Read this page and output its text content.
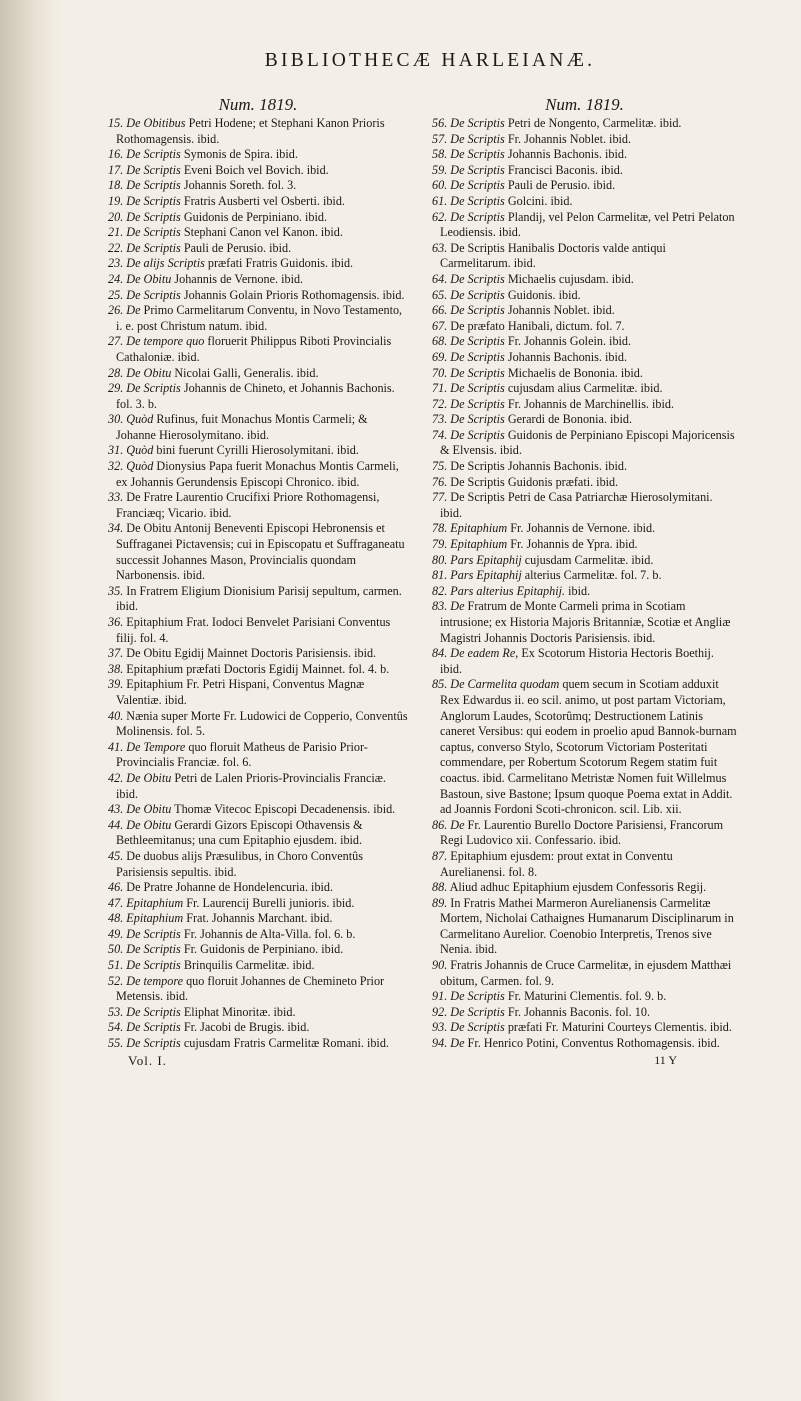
BIBLIOTHECÆ HARLEIANÆ.
Num. 1819.

15. De Obitibus Petri Hodene; et Stephani Kanon Prioris Rothomagensis. ibid.

16. De Scriptis Symonis de Spira. ibid.

17. De Scriptis Eveni Boich vel Bovich. ibid.

18. De Scriptis Johannis Soreth. fol. 3.

19. De Scriptis Fratris Ausberti vel Osberti. ibid.

20. De Scriptis Guidonis de Perpiniano. ibid.

21. De Scriptis Stephani Canon vel Kanon. ibid.

22. De Scriptis Pauli de Perusio. ibid.

23. De alijs Scriptis præfati Fratris Guidonis. ibid.

24. De Obitu Johannis de Vernone. ibid.

25. De Scriptis Johannis Golain Prioris Rothomagensis. ibid.

26. De Primo Carmelitarum Conventu, in Novo Testamento, i. e. post Christum natum. ibid.

27. De tempore quo floruerit Philippus Riboti Provincialis Cathaloniæ. ibid.

28. De Obitu Nicolai Galli, Generalis. ibid.

29. De Scriptis Johannis de Chineto, et Johannis Bachonis. fol. 3. b.

30. Quòd Rufinus, fuit Monachus Montis Carmeli; & Johanne Hierosolymitano. ibid.

31. Quòd bini fuerunt Cyrilli Hierosolymitani. ibid.

32. Quòd Dionysius Papa fuerit Monachus Montis Carmeli, ex Johannis Gerundensis Episcopi Chronico. ibid.

33. De Fratre Laurentio Crucifixi Priore Rothomagensi, Franciæq; Vicario. ibid.

34. De Obitu Antonij Beneventi Episcopi Hebronensis et Suffraganei Pictavensis; cui in Episcopatu et Suffraganeatu successit Johannes Mason, Provincialis quondam Narbonensis. ibid.

35. In Fratrem Eligium Dionisium Parisij sepultum, carmen. ibid.

36. Epitaphium Frat. Iodoci Benvelet Parisiani Conventus filij. fol. 4.

37. De Obitu Egidij Mainnet Doctoris Parisiensis. ibid.

38. Epitaphium præfati Doctoris Egidij Mainnet. fol. 4. b.

39. Epitaphium Fr. Petri Hispani, Conventus Magnæ Valentiæ. ibid.

40. Nænia super Morte Fr. Ludowici de Copperio, Conventûs Molinensis. fol. 5.

41. De Tempore quo floruit Matheus de Parisio Prior-Provincialis Franciæ. fol. 6.

42. De Obitu Petri de Lalen Prioris-Provincialis Franciæ. ibid.

43. De Obitu Thomæ Vitecoc Episcopi Decadenensis. ibid.

44. De Obitu Gerardi Gizors Episcopi Othavensis & Bethleemitanus; una cum Epitaphio ejusdem. ibid.

45. De duobus alijs Præsulibus, in Choro Conventûs Parisiensis sepultis. ibid.

46. De Pratre Johanne de Hondelencuria. ibid.

47. Epitaphium Fr. Laurencij Burelli junioris. ibid.

48. Epitaphium Frat. Johannis Marchant. ibid.

49. De Scriptis Fr. Johannis de Alta-Villa. fol. 6. b.

50. De Scriptis Fr. Guidonis de Perpiniano. ibid.

51. De Scriptis Brinquilis Carmelitæ. ibid.

52. De tempore quo floruit Johannes de Chemineto Prior Metensis. ibid.

53. De Scriptis Eliphat Minoritæ. ibid.

54. De Scriptis Fr. Jacobi de Brugis. ibid.

55. De Scriptis cujusdam Fratris Carmelitæ Romani. ibid.

Vol. I.
Num. 1819.

56. De Scriptis Petri de Nongento, Carmelitæ. ibid.

57. De Scriptis Fr. Johannis Noblet. ibid.

58. De Scriptis Johannis Bachonis. ibid.

59. De Scriptis Francisci Baconis. ibid.

60. De Scriptis Pauli de Perusio. ibid.

61. De Scriptis Golcini. ibid.

62. De Scriptis Plandij, vel Pelon Carmelitæ, vel Petri Pelaton Leodiensis. ibid.

63. De Scriptis Hanibalis Doctoris valde antiqui Carmelitarum. ibid.

64. De Scriptis Michaelis cujusdam. ibid.

65. De Scriptis Guidonis. ibid.

66. De Scriptis Johannis Noblet. ibid.

67. De præfato Hanibali, dictum. fol. 7.

68. De Scriptis Fr. Johannis Golein. ibid.

69. De Scriptis Johannis Bachonis. ibid.

70. De Scriptis Michaelis de Bononia. ibid.

71. De Scriptis cujusdam alius Carmelitæ. ibid.

72. De Scriptis Fr. Johannis de Marchinellis. ibid.

73. De Scriptis Gerardi de Bononia. ibid.

74. De Scriptis Guidonis de Perpiniano Episcopi Majoricensis & Elvensis. ibid.

75. De Scriptis Johannis Bachonis. ibid.

76. De Scriptis Guidonis præfati. ibid.

77. De Scriptis Petri de Casa Patriarchæ Hierosolymitani. ibid.

78. Epitaphium Fr. Johannis de Vernone. ibid.

79. Epitaphium Fr. Johannis de Ypra. ibid.

80. Pars Epitaphij cujusdam Carmelitæ. ibid.

81. Pars Epitaphij alterius Carmelitæ. fol. 7. b.

82. Pars alterius Epitaphij. ibid.

83. De Fratrum de Monte Carmeli prima in Scotiam intrusione; ex Historia Majoris Britanniæ, Scotiæ et Angliæ Magistri Johannis Doctoris Parisiensis. ibid.

84. De eadem Re, Ex Scotorum Historia Hectoris Boethij. ibid.

85. De Carmelita quodam quem secum in Scotiam adduxit Rex Edwardus ii. eo scil. animo, ut post partam Victoriam, Anglorum Laudes, Scotorûmq; Destructionem Latinis caneret Versibus: qui eodem in proelio apud Bannok-burnam captus, converso Stylo, Scotorum Victoriam Posteritati commendare, per Robertum Scotorum Regem statim fuit coactus. ibid. Carmelitano Metristæ Nomen fuit Willelmus Bastoun, sive Bastone; Ipsum quoque Poema extat in Addit. ad Joannis Fordoni Scoti-chronicon. scil. Lib. xii.

86. De Fr. Laurentio Burello Doctore Parisiensi, Francorum Regi Ludovico xii. Confessario. ibid.

87. Epitaphium ejusdem: prout extat in Conventu Aurelianensi. fol. 8.

88. Aliud adhuc Epitaphium ejusdem Confessoris Regij.

89. In Fratris Mathei Marmeron Aurelianensis Carmelitæ Mortem, Nicholai Cathaignes Humanarum Disciplinarum in Carmelitano Aurelior. Coenobio Interpretis, Trenos sive Nenia. ibid.

90. Fratris Johannis de Cruce Carmelitæ, in ejusdem Matthæi obitum, Carmen. fol. 9.

91. De Scriptis Fr. Maturini Clementis. fol. 9. b.

92. De Scriptis Fr. Johannis Baconis. fol. 10.

93. De Scriptis præfati Fr. Maturini Courteys Clementis. ibid.

94. De Fr. Henrico Potini, Conventus Rothomagensis. ibid.

11 Y
